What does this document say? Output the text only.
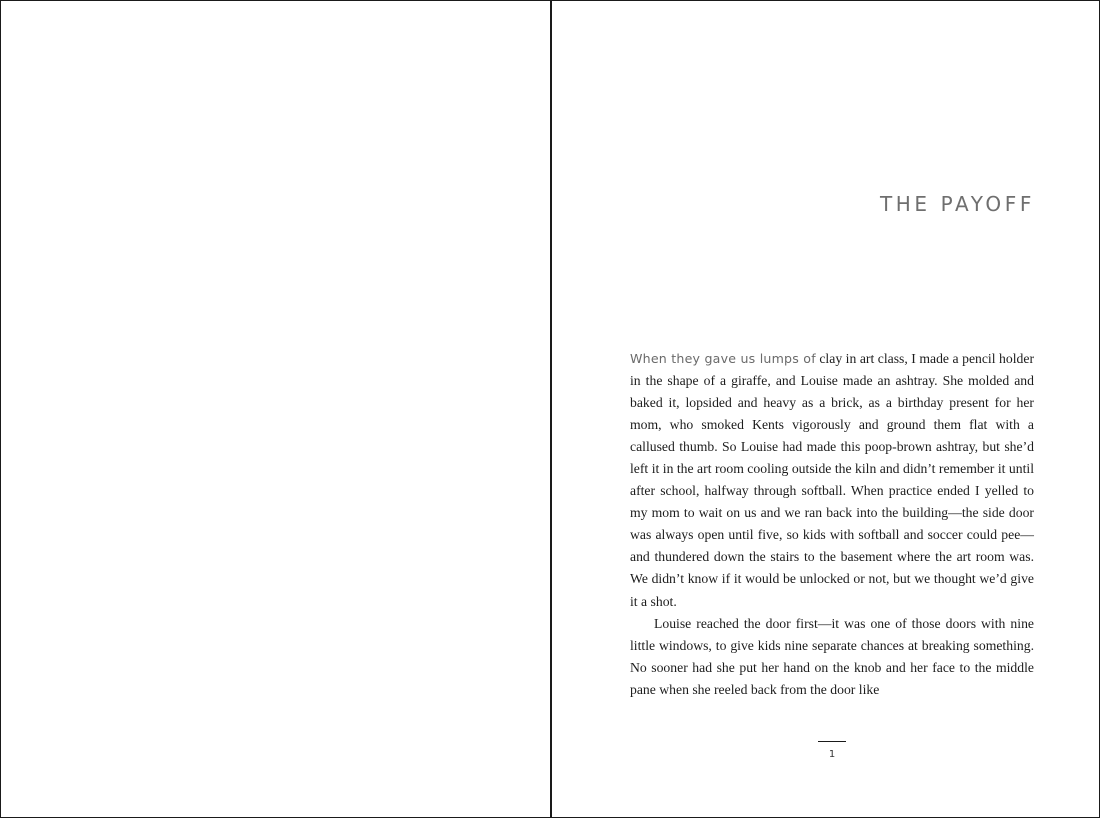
THE PAYOFF

When they gave us lumps of clay in art class, I made a pencil holder in the shape of a giraffe, and Louise made an ashtray. She molded and baked it, lopsided and heavy as a brick, as a birthday present for her mom, who smoked Kents vigorously and ground them flat with a callused thumb. So Louise had made this poop-brown ashtray, but she’d left it in the art room cooling outside the kiln and didn’t remember it until after school, halfway through softball. When practice ended I yelled to my mom to wait on us and we ran back into the building—the side door was always open until five, so kids with softball and soccer could pee—and thundered down the stairs to the basement where the art room was. We didn’t know if it would be unlocked or not, but we thought we’d give it a shot.

Louise reached the door first—it was one of those doors with nine little windows, to give kids nine separate chances at breaking something. No sooner had she put her hand on the knob and her face to the middle pane when she reeled back from the door like

1
